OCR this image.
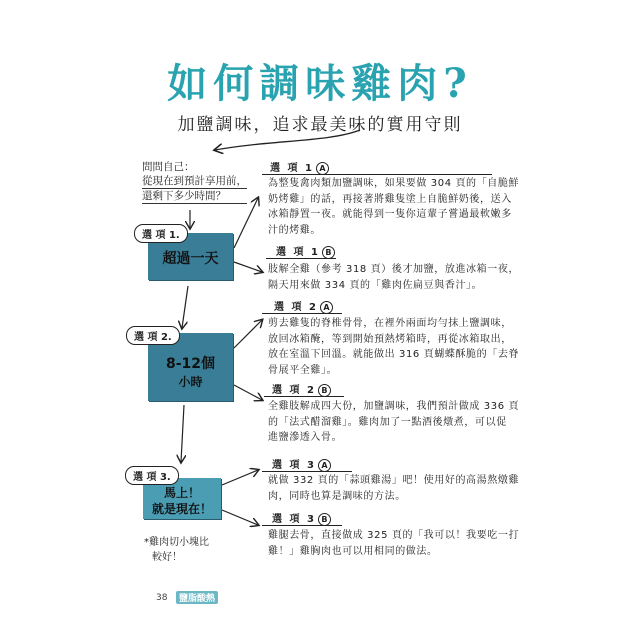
如何調味雞肉?
加鹽調味，追求最美味的實用守則
問問自己：
從現在到預計享用前，
還剩下多少時間？
選 項 1.
超過一天
選 項 2.
8-12個
小時
選 項 3.
馬上！
就是現在！
*
選 項 1 A
為整隻禽肉類加鹽調味，如果要做 304 頁的「自脆鮮
奶烤雞」的話，再接著將雞隻塗上自脆鮮奶後，送入
冰箱靜置一夜。就能得到一隻你這輩子嘗過最軟嫩多
汁的烤雞。
選 項 1 B
肢解全雞（參考 318 頁）後才加鹽，放進冰箱一夜，
隔天用來做 334 頁的「雞肉佐扁豆與香汁」。
選 項 2 A
剪去雞隻的脊椎骨骨，在裡外兩面均勻抹上鹽調味，
放回冰箱醃，等到開始預熱烤箱時，再從冰箱取出，
放在室溫下回溫。就能做出 316 頁蝴蝶酥脆的「去脊
骨展平全雞」。
選 項 2 B
全雞肢解成四大份，加鹽調味，我們預計做成 336 頁
的「法式醋溜雞」。雞肉加了一點酒後燉煮，可以促
進鹽滲透入骨。
選 項 3 A
就做 332 頁的「蒜頭雞湯」吧！使用好的高湯熬燉雞
肉，同時也算是調味的方法。
選 項 3 B
雞腿去骨，直接做成 325 頁的「我可以！我要吃一打
雞！」雞胸肉也可以用相同的做法。
*雞肉切小塊比
較好！
38	鹽脂酸熱
